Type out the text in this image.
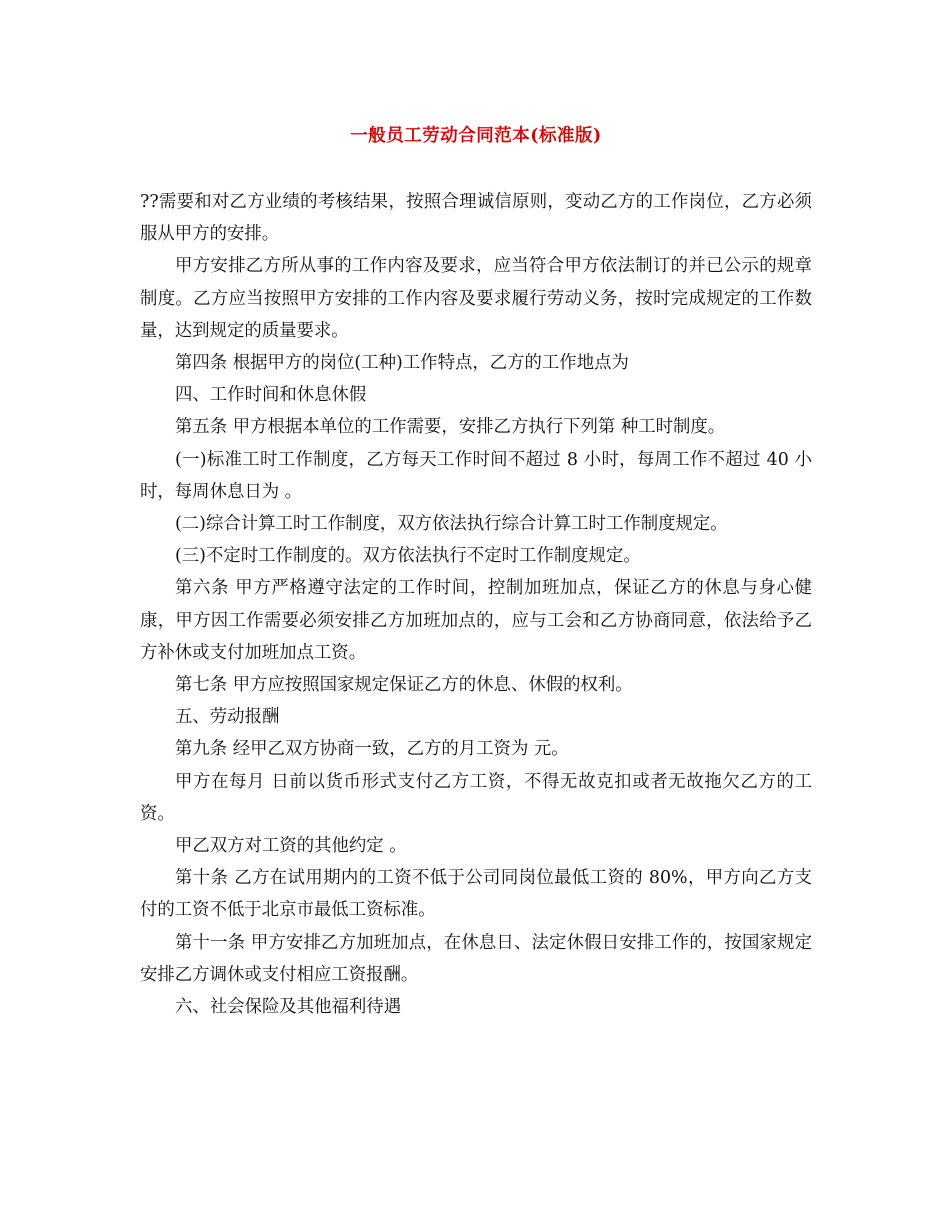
一般员工劳动合同范本(标准版)

??需要和对乙方业绩的考核结果，按照合理诚信原则，变动乙方的工作岗位，乙方必须服从甲方的安排。

甲方安排乙方所从事的工作内容及要求，应当符合甲方依法制订的并已公示的规章制度。乙方应当按照甲方安排的工作内容及要求履行劳动义务，按时完成规定的工作数量，达到规定的质量要求。

第四条 根据甲方的岗位(工种)工作特点，乙方的工作地点为

四、工作时间和休息休假

第五条 甲方根据本单位的工作需要，安排乙方执行下列第 种工时制度。

(一)标准工时工作制度，乙方每天工作时间不超过 8 小时，每周工作不超过 40 小时，每周休息日为 。

(二)综合计算工时工作制度，双方依法执行综合计算工时工作制度规定。

(三)不定时工作制度的。双方依法执行不定时工作制度规定。

第六条 甲方严格遵守法定的工作时间，控制加班加点，保证乙方的休息与身心健康，甲方因工作需要必须安排乙方加班加点的，应与工会和乙方协商同意，依法给予乙方补休或支付加班加点工资。

第七条 甲方应按照国家规定保证乙方的休息、休假的权利。

五、劳动报酬

第九条 经甲乙双方协商一致，乙方的月工资为 元。

甲方在每月 日前以货币形式支付乙方工资，不得无故克扣或者无故拖欠乙方的工资。

甲乙双方对工资的其他约定 。

第十条 乙方在试用期内的工资不低于公司同岗位最低工资的 80%，甲方向乙方支付的工资不低于北京市最低工资标准。

第十一条 甲方安排乙方加班加点，在休息日、法定休假日安排工作的，按国家规定安排乙方调休或支付相应工资报酬。

六、社会保险及其他福利待遇
